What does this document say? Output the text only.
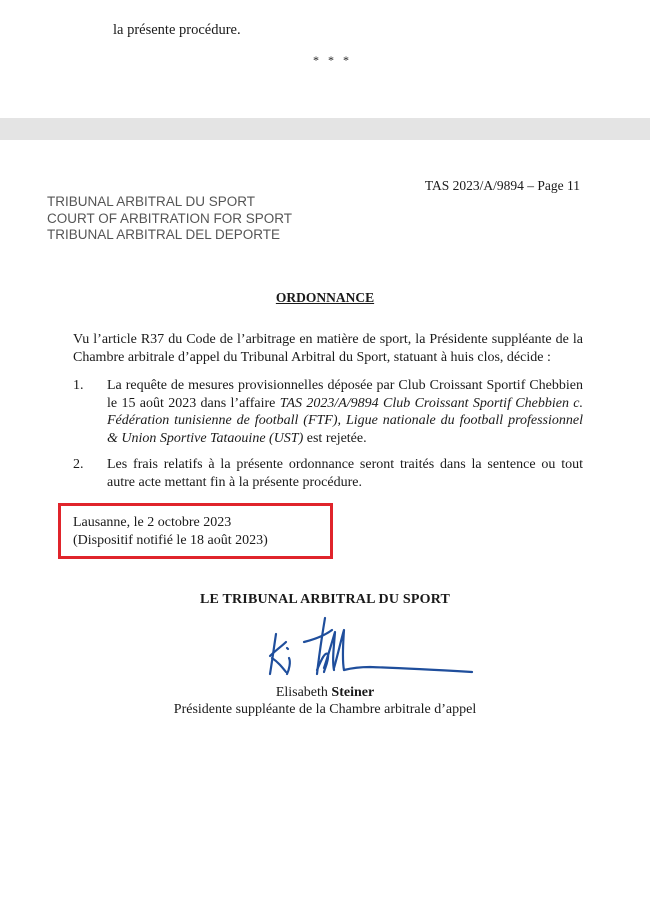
la présente procédure.
* * *
TAS 2023/A/9894 – Page 11
TRIBUNAL ARBITRAL DU SPORT
COURT OF ARBITRATION FOR SPORT
TRIBUNAL ARBITRAL DEL DEPORTE
ORDONNANCE
Vu l’article R37 du Code de l’arbitrage en matière de sport, la Présidente suppléante de la Chambre arbitrale d’appel du Tribunal Arbitral du Sport, statuant à huis clos, décide :
1. La requête de mesures provisionnelles déposée par Club Croissant Sportif Chebbien le 15 août 2023 dans l’affaire TAS 2023/A/9894 Club Croissant Sportif Chebbien c. Fédération tunisienne de football (FTF), Ligue nationale du football professionnel & Union Sportive Tataouine (UST) est rejetée.
2. Les frais relatifs à la présente ordonnance seront traités dans la sentence ou tout autre acte mettant fin à la présente procédure.
Lausanne, le 2 octobre 2023
(Dispositif notifié le 18 août 2023)
LE TRIBUNAL ARBITRAL DU SPORT
Elisabeth Steiner
Présidente suppléante de la Chambre arbitrale d’appel
